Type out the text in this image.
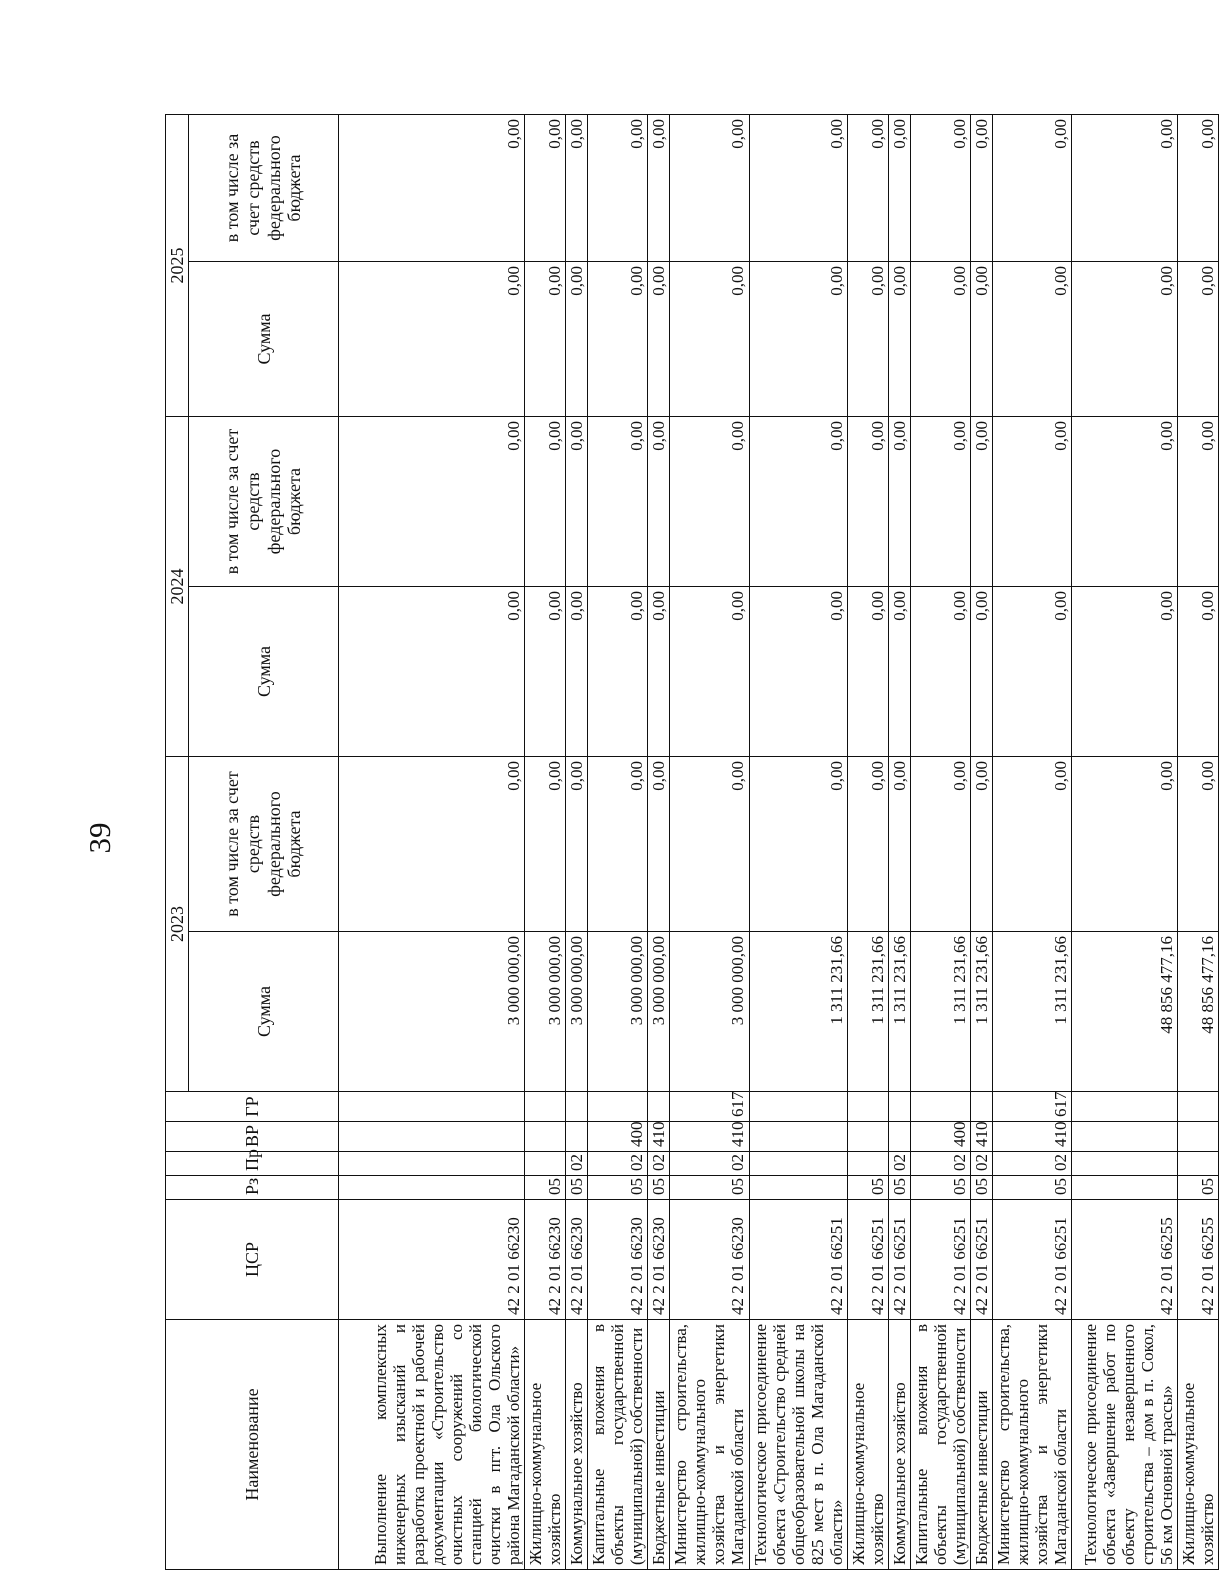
39
Наименование	ЦСР	Рз	Пр	ВР	ГР	2023		2024		2025	
						Сумма	в том числе за счет средств федерального бюджета	Сумма	в том числе за счет средств федерального бюджета	Сумма	в том числе за счет средств федерального бюджета
Выполнение комплексных инженерных изысканий и разработка проектной и рабочей документации «Строительство очистных сооружений со станцией биологической очистки в пгт. Ола Ольского района Магаданской области»	42 2 01 66230					3 000 000,00	0,00	0,00	0,00	0,00	0,00
Жилищно-коммунальное хозяйство	42 2 01 66230	05				3 000 000,00	0,00	0,00	0,00	0,00	0,00
Коммунальное хозяйство	42 2 01 66230	05	02			3 000 000,00	0,00	0,00	0,00	0,00	0,00
Капитальные вложения в объекты государственной (муниципальной) собственности	42 2 01 66230	05	02	400		3 000 000,00	0,00	0,00	0,00	0,00	0,00
Бюджетные инвестиции	42 2 01 66230	05	02	410		3 000 000,00	0,00	0,00	0,00	0,00	0,00
Министерство строительства, жилищно-коммунального хозяйства и энергетики Магаданской области	42 2 01 66230	05	02	410	617	3 000 000,00	0,00	0,00	0,00	0,00	0,00
Технологическое присоединение объекта «Строительство средней общеобразовательной школы на 825 мест в п. Ола Магаданской области»	42 2 01 66251					1 311 231,66	0,00	0,00	0,00	0,00	0,00
Жилищно-коммунальное хозяйство	42 2 01 66251	05				1 311 231,66	0,00	0,00	0,00	0,00	0,00
Коммунальное хозяйство	42 2 01 66251	05	02			1 311 231,66	0,00	0,00	0,00	0,00	0,00
Капитальные вложения в объекты государственной (муниципальной) собственности	42 2 01 66251	05	02	400		1 311 231,66	0,00	0,00	0,00	0,00	0,00
Бюджетные инвестиции	42 2 01 66251	05	02	410		1 311 231,66	0,00	0,00	0,00	0,00	0,00
Министерство строительства, жилищно-коммунального хозяйства и энергетики Магаданской области	42 2 01 66251	05	02	410	617	1 311 231,66	0,00	0,00	0,00	0,00	0,00
Технологическое присоединение объекта «Завершение работ по объекту незавершенного строительства – дом в п. Сокол, 56 км Основной трассы»	42 2 01 66255					48 856 477,16	0,00	0,00	0,00	0,00	0,00
Жилищно-коммунальное хозяйство	42 2 01 66255	05				48 856 477,16	0,00	0,00	0,00	0,00	0,00
